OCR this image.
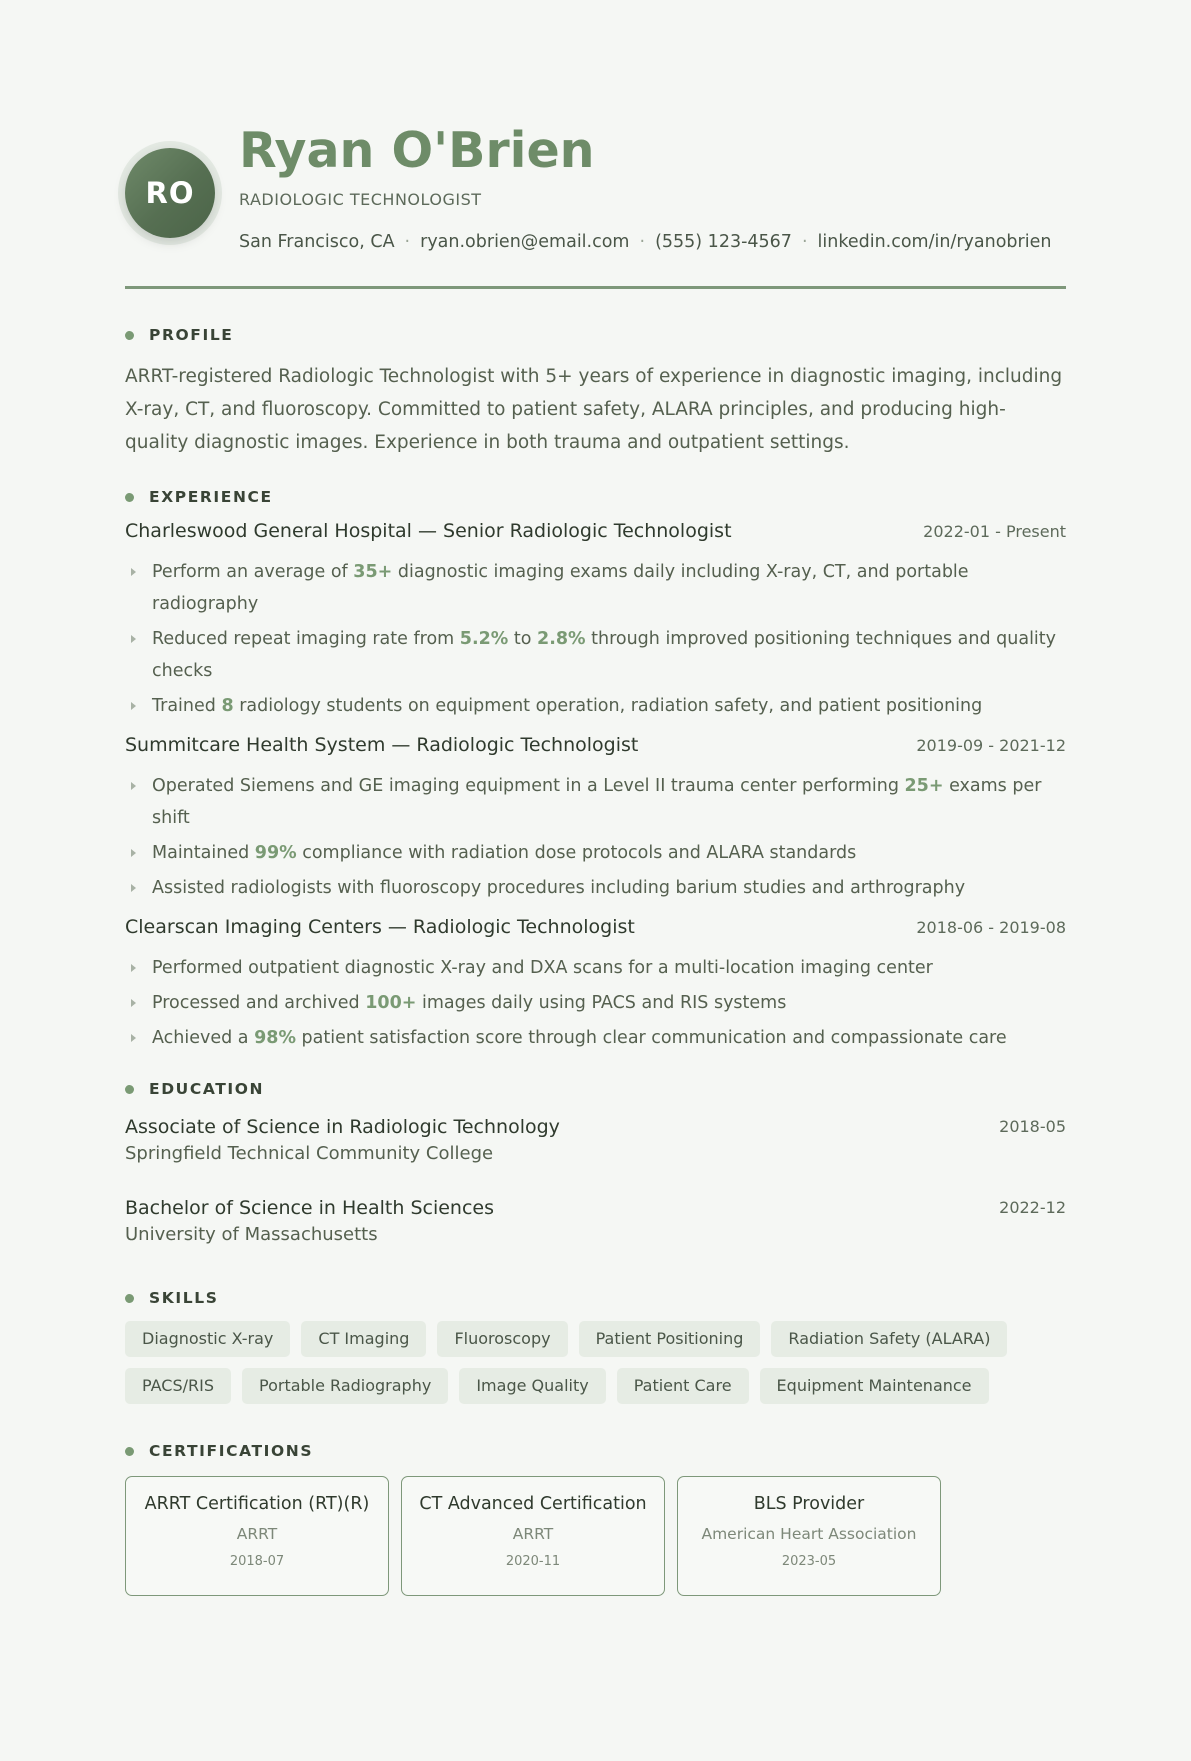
RO
Ryan O'Brien
RADIOLOGIC TECHNOLOGIST
San Francisco, CA · ryan.obrien@email.com · (555) 123-4567 · linkedin.com/in/ryanobrien
PROFILE
ARRT-registered Radiologic Technologist with 5+ years of experience in diagnostic imaging, including X-ray, CT, and fluoroscopy. Committed to patient safety, ALARA principles, and producing high-quality diagnostic images. Experience in both trauma and outpatient settings.
EXPERIENCE
Charleswood General Hospital — Senior Radiologic Technologist	2022-01 - Present
Perform an average of 35+ diagnostic imaging exams daily including X-ray, CT, and portable radiography
Reduced repeat imaging rate from 5.2% to 2.8% through improved positioning techniques and quality checks
Trained 8 radiology students on equipment operation, radiation safety, and patient positioning
Summitcare Health System — Radiologic Technologist	2019-09 - 2021-12
Operated Siemens and GE imaging equipment in a Level II trauma center performing 25+ exams per shift
Maintained 99% compliance with radiation dose protocols and ALARA standards
Assisted radiologists with fluoroscopy procedures including barium studies and arthrography
Clearscan Imaging Centers — Radiologic Technologist	2018-06 - 2019-08
Performed outpatient diagnostic X-ray and DXA scans for a multi-location imaging center
Processed and archived 100+ images daily using PACS and RIS systems
Achieved a 98% patient satisfaction score through clear communication and compassionate care
EDUCATION
Associate of Science in Radiologic Technology
Springfield Technical Community College
2018-05
Bachelor of Science in Health Sciences
University of Massachusetts
2022-12
SKILLS
Diagnostic X-ray	CT Imaging	Fluoroscopy	Patient Positioning	Radiation Safety (ALARA)
PACS/RIS	Portable Radiography	Image Quality	Patient Care	Equipment Maintenance
CERTIFICATIONS
ARRT Certification (RT)(R)
ARRT
2018-07
CT Advanced Certification
ARRT
2020-11
BLS Provider
American Heart Association
2023-05
